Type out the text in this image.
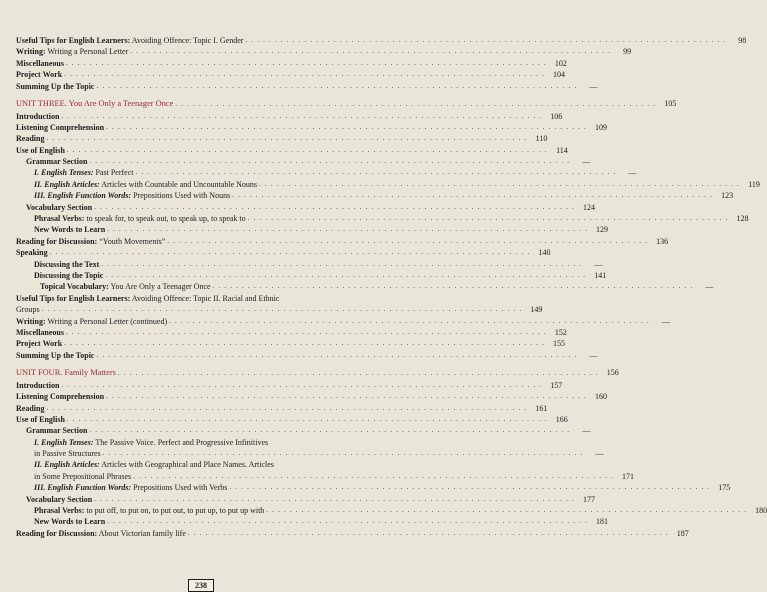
Useful Tips for English Learners: Avoiding Offence: Topic I. Gender . . . . . . . . . . . . . . . . . . . . . . . . . . . . . . . . . . . . . . . . . . . . . . . . . . . . . . . . . . . . . . . . . . . . . . . . . . . . . . . . . .	98
Writing: Writing a Personal Letter . . . . . . . . . . . . . . . . . . . . . . . . . . . . . . . . . . . . . . . . . . . . . . . . . . . . . . . . . . . . . . . . . . . . . . . . . . . . . . . . . .	99
Miscellaneous . . . . . . . . . . . . . . . . . . . . . . . . . . . . . . . . . . . . . . . . . . . . . . . . . . . . . . . . . . . . . . . . . . . . . . . . . . . . . . . . . .	102
Project Work . . . . . . . . . . . . . . . . . . . . . . . . . . . . . . . . . . . . . . . . . . . . . . . . . . . . . . . . . . . . . . . . . . . . . . . . . . . . . . . . . .	104
Summing Up the Topic . . . . . . . . . . . . . . . . . . . . . . . . . . . . . . . . . . . . . . . . . . . . . . . . . . . . . . . . . . . . . . . . . . . . . . . . . . . . . . . . . .	—
UNIT THREE. You Are Only a Teenager Once . . . . . . . . . . . . . . . . . . . . . . . . . . . . . . . . . . . . . . . . . . . . . . . . . . . . . . . . . . . . . . . . . . . . . . . . . . . . . . . . . .	105
Introduction . . . . . . . . . . . . . . . . . . . . . . . . . . . . . . . . . . . . . . . . . . . . . . . . . . . . . . . . . . . . . . . . . . . . . . . . . . . . . . . . . .	106
Listening Comprehension . . . . . . . . . . . . . . . . . . . . . . . . . . . . . . . . . . . . . . . . . . . . . . . . . . . . . . . . . . . . . . . . . . . . . . . . . . . . . . . . . .	109
Reading . . . . . . . . . . . . . . . . . . . . . . . . . . . . . . . . . . . . . . . . . . . . . . . . . . . . . . . . . . . . . . . . . . . . . . . . . . . . . . . . . .	110
Use of English . . . . . . . . . . . . . . . . . . . . . . . . . . . . . . . . . . . . . . . . . . . . . . . . . . . . . . . . . . . . . . . . . . . . . . . . . . . . . . . . . .	114
Grammar Section . . . . . . . . . . . . . . . . . . . . . . . . . . . . . . . . . . . . . . . . . . . . . . . . . . . . . . . . . . . . . . . . . . . . . . . . . . . . . . . . . .	—
I. English Tenses: Past Perfect . . . . . . . . . . . . . . . . . . . . . . . . . . . . . . . . . . . . . . . . . . . . . . . . . . . . . . . . . . . . . . . . . . . . . . . . . . . . . . . . . .	—
II. English Articles: Articles with Countable and Uncountable Nouns . . . . . . . . . . . . . . . . . . . . . . . . . . . . . . . . . . . . . . . . . . . . . . . . . . . . . . . . . . . . . . . . . . . . . . . . . . . . . . . . . .	119
III. English Function Words: Prepositions Used with Nouns . . . . . . . . . . . . . . . . . . . . . . . . . . . . . . . . . . . . . . . . . . . . . . . . . . . . . . . . . . . . . . . . . . . . . . . . . . . . . . . . . .	123
Vocabulary Section . . . . . . . . . . . . . . . . . . . . . . . . . . . . . . . . . . . . . . . . . . . . . . . . . . . . . . . . . . . . . . . . . . . . . . . . . . . . . . . . . .	124
Phrasal Verbs: to speak for, to speak out, to speak up, to speak to . . . . . . . . . . . . . . . . . . . . . . . . . . . . . . . . . . . . . . . . . . . . . . . . . . . . . . . . . . . . . . . . . . . . . . . . . . . . . . . . . .	128
New Words to Learn . . . . . . . . . . . . . . . . . . . . . . . . . . . . . . . . . . . . . . . . . . . . . . . . . . . . . . . . . . . . . . . . . . . . . . . . . . . . . . . . . .	129
Reading for Discussion: “Youth Movements” . . . . . . . . . . . . . . . . . . . . . . . . . . . . . . . . . . . . . . . . . . . . . . . . . . . . . . . . . . . . . . . . . . . . . . . . . . . . . . . . . .	136
Speaking . . . . . . . . . . . . . . . . . . . . . . . . . . . . . . . . . . . . . . . . . . . . . . . . . . . . . . . . . . . . . . . . . . . . . . . . . . . . . . . . . .	140
Discussing the Text . . . . . . . . . . . . . . . . . . . . . . . . . . . . . . . . . . . . . . . . . . . . . . . . . . . . . . . . . . . . . . . . . . . . . . . . . . . . . . . . . .	—
Discussing the Topic . . . . . . . . . . . . . . . . . . . . . . . . . . . . . . . . . . . . . . . . . . . . . . . . . . . . . . . . . . . . . . . . . . . . . . . . . . . . . . . . . .	141
Topical Vocabulary: You Are Only a Teenager Once . . . . . . . . . . . . . . . . . . . . . . . . . . . . . . . . . . . . . . . . . . . . . . . . . . . . . . . . . . . . . . . . . . . . . . . . . . . . . . . . . .	—
Useful Tips for English Learners: Avoiding Offence: Topic II. Racial and Ethnic
Groups . . . . . . . . . . . . . . . . . . . . . . . . . . . . . . . . . . . . . . . . . . . . . . . . . . . . . . . . . . . . . . . . . . . . . . . . . . . . . . . . . .	149
Writing: Writing a Personal Letter (continued) . . . . . . . . . . . . . . . . . . . . . . . . . . . . . . . . . . . . . . . . . . . . . . . . . . . . . . . . . . . . . . . . . . . . . . . . . . . . . . . . . .	—
Miscellaneous . . . . . . . . . . . . . . . . . . . . . . . . . . . . . . . . . . . . . . . . . . . . . . . . . . . . . . . . . . . . . . . . . . . . . . . . . . . . . . . . . .	152
Project Work . . . . . . . . . . . . . . . . . . . . . . . . . . . . . . . . . . . . . . . . . . . . . . . . . . . . . . . . . . . . . . . . . . . . . . . . . . . . . . . . . .	155
Summing Up the Topic . . . . . . . . . . . . . . . . . . . . . . . . . . . . . . . . . . . . . . . . . . . . . . . . . . . . . . . . . . . . . . . . . . . . . . . . . . . . . . . . . .	—
UNIT FOUR. Family Matters . . . . . . . . . . . . . . . . . . . . . . . . . . . . . . . . . . . . . . . . . . . . . . . . . . . . . . . . . . . . . . . . . . . . . . . . . . . . . . . . . .	156
Introduction . . . . . . . . . . . . . . . . . . . . . . . . . . . . . . . . . . . . . . . . . . . . . . . . . . . . . . . . . . . . . . . . . . . . . . . . . . . . . . . . . .	157
Listening Comprehension . . . . . . . . . . . . . . . . . . . . . . . . . . . . . . . . . . . . . . . . . . . . . . . . . . . . . . . . . . . . . . . . . . . . . . . . . . . . . . . . . .	160
Reading . . . . . . . . . . . . . . . . . . . . . . . . . . . . . . . . . . . . . . . . . . . . . . . . . . . . . . . . . . . . . . . . . . . . . . . . . . . . . . . . . .	161
Use of English . . . . . . . . . . . . . . . . . . . . . . . . . . . . . . . . . . . . . . . . . . . . . . . . . . . . . . . . . . . . . . . . . . . . . . . . . . . . . . . . . .	166
Grammar Section . . . . . . . . . . . . . . . . . . . . . . . . . . . . . . . . . . . . . . . . . . . . . . . . . . . . . . . . . . . . . . . . . . . . . . . . . . . . . . . . . .	—
I. English Tenses: The Passive Voice. Perfect and Progressive Infinitives
in Passive Structures . . . . . . . . . . . . . . . . . . . . . . . . . . . . . . . . . . . . . . . . . . . . . . . . . . . . . . . . . . . . . . . . . . . . . . . . . . . . . . . . . .	—
II. English Articles: Articles with Geographical and Place Names. Articles
in Some Prepositional Phrases . . . . . . . . . . . . . . . . . . . . . . . . . . . . . . . . . . . . . . . . . . . . . . . . . . . . . . . . . . . . . . . . . . . . . . . . . . . . . . . . . .	171
III. English Function Words: Prepositions Used with Verbs . . . . . . . . . . . . . . . . . . . . . . . . . . . . . . . . . . . . . . . . . . . . . . . . . . . . . . . . . . . . . . . . . . . . . . . . . . . . . . . . . .	175
Vocabulary Section . . . . . . . . . . . . . . . . . . . . . . . . . . . . . . . . . . . . . . . . . . . . . . . . . . . . . . . . . . . . . . . . . . . . . . . . . . . . . . . . . .	177
Phrasal Verbs: to put off, to put on, to put out, to put up, to put up with . . . . . . . . . . . . . . . . . . . . . . . . . . . . . . . . . . . . . . . . . . . . . . . . . . . . . . . . . . . . . . . . . . . . . . . . . . . . . . . . . .	180
New Words to Learn . . . . . . . . . . . . . . . . . . . . . . . . . . . . . . . . . . . . . . . . . . . . . . . . . . . . . . . . . . . . . . . . . . . . . . . . . . . . . . . . . .	181
Reading for Discussion: About Victorian family life . . . . . . . . . . . . . . . . . . . . . . . . . . . . . . . . . . . . . . . . . . . . . . . . . . . . . . . . . . . . . . . . . . . . . . . . . . . . . . . . . .	187
238
